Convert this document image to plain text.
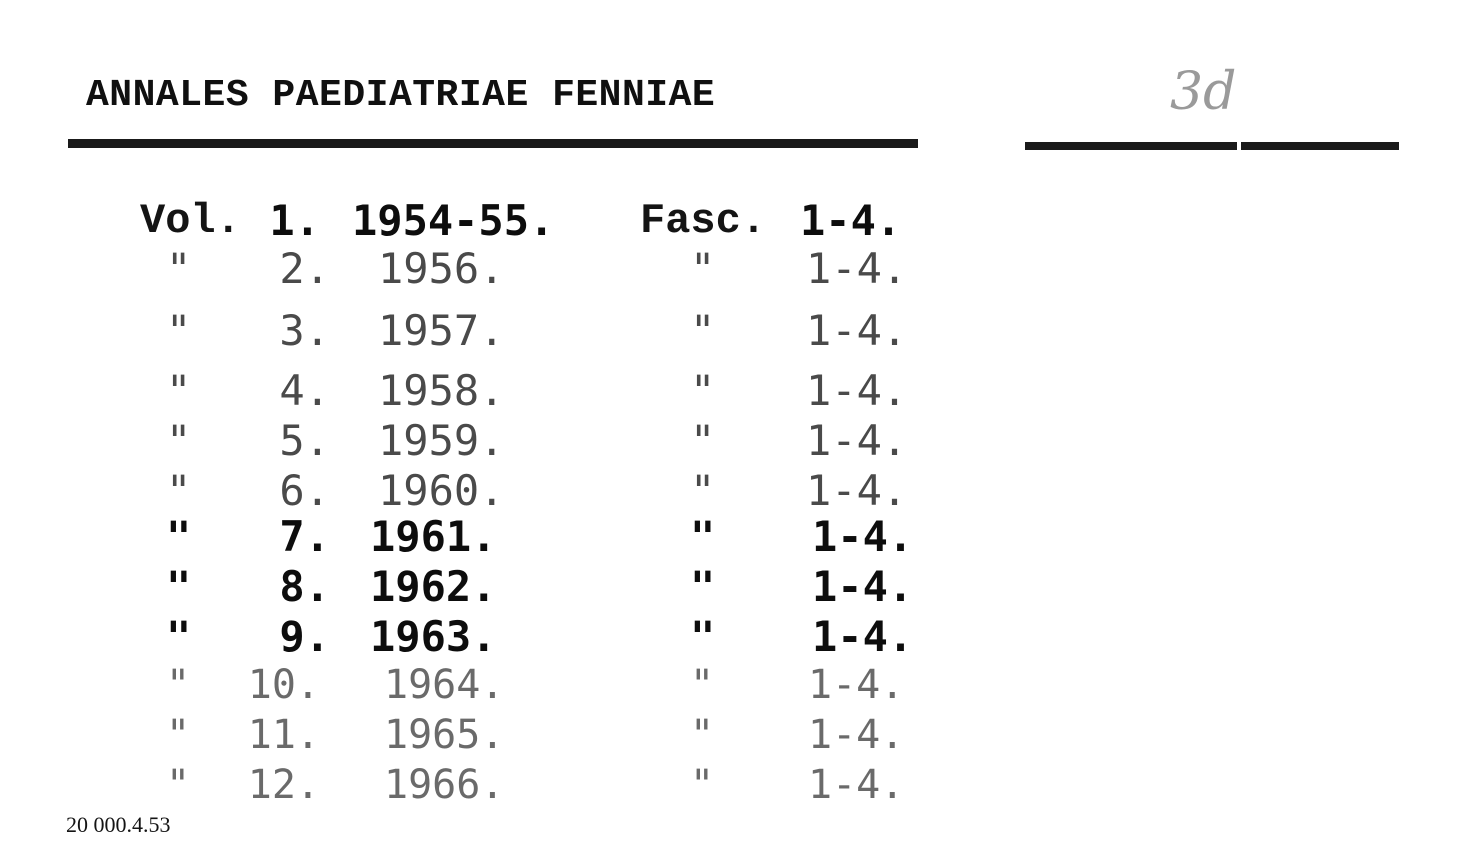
ANNALES PAEDIATRIAE FENNIAE	3d
Vol. 1. 1954-55. Fasc. 1-4.
"	2. 1956.	" 1-4.
"	3. 1957.	" 1-4.
"	4. 1958.	" 1-4.
"	5. 1959.	" 1-4.
"	6. 1960.	" 1-4.
"	7. 1961.	" 1-4.
"	8. 1962.	" 1-4.
"	9. 1963.	" 1-4.
" 10. 1964.	" 1-4.
" 11. 1965.	" 1-4.
" 12. 1966.	" 1-4.
20 000.4.53
